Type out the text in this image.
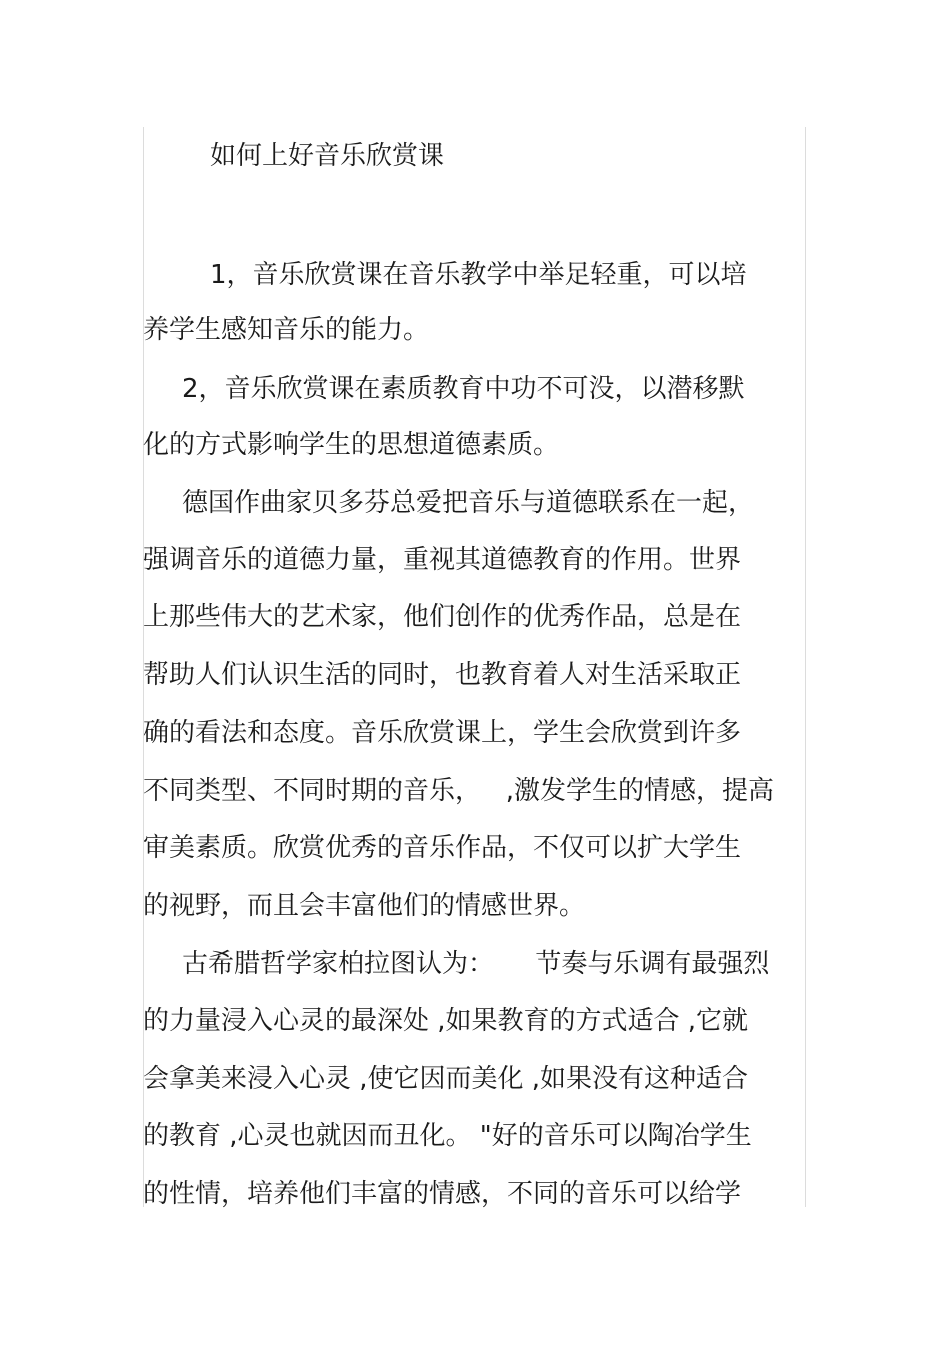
如何上好音乐欣赏课
1，音乐欣赏课在音乐教学中举足轻重，可以培
养学生感知音乐的能力。
2，音乐欣赏课在素质教育中功不可没，以潜移默
化的方式影响学生的思想道德素质。
德国作曲家贝多芬总爱把音乐与道德联系在一起，
强调音乐的道德力量，重视其道德教育的作用。世界
上那些伟大的艺术家，他们创作的优秀作品，总是在
帮助人们认识生活的同时，也教育着人对生活采取正
确的看法和态度。音乐欣赏课上，学生会欣赏到许多
不同类型、不同时期的音乐，   ,激发学生的情感，提高
审美素质。欣赏优秀的音乐作品，不仅可以扩大学生
的视野，而且会丰富他们的情感世界。
古希腊哲学家柏拉图认为：     节奏与乐调有最强烈
的力量浸入心灵的最深处 ,如果教育的方式适合 ,它就
会拿美来浸入心灵 ,使它因而美化 ,如果没有这种适合
的教育 ,心灵也就因而丑化。 "好的音乐可以陶冶学生
的性情，培养他们丰富的情感，不同的音乐可以给学
